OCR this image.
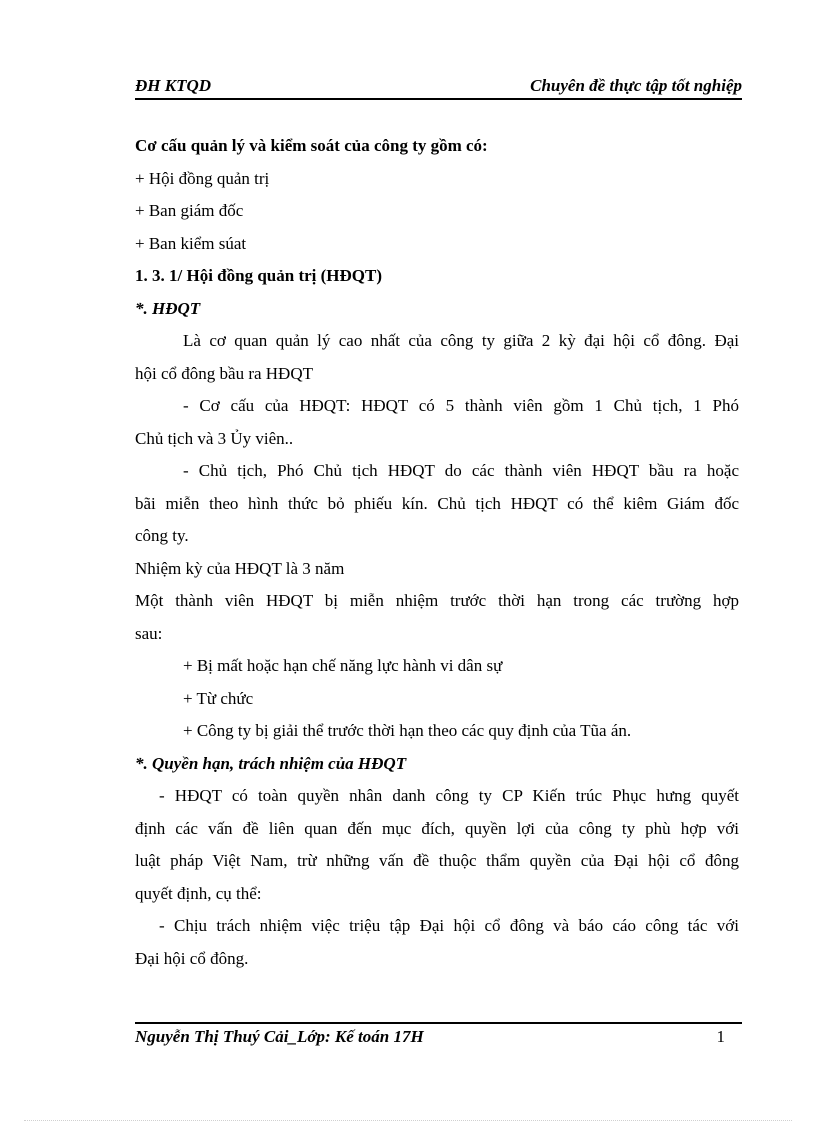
ĐH KTQD	Chuyên đề thực tập tốt nghiệp
Cơ cấu quản lý và kiểm soát của công ty gồm có:
+ Hội đồng quản trị
+ Ban giám đốc
+ Ban kiểm súat
1. 3. 1/ Hội đồng quản trị (HĐQT)
*. HĐQT
Là cơ quan quản lý cao nhất của công ty giữa 2 kỳ đại hội cổ đông. Đại
hội cổ đông bầu ra HĐQT
- Cơ cấu của HĐQT: HĐQT có 5 thành viên gồm 1 Chủ tịch, 1 Phó
Chủ tịch và 3 Ủy viên..
- Chủ tịch, Phó Chủ tịch HĐQT do các thành viên HĐQT bầu ra hoặc
bãi miễn theo hình thức bỏ phiếu kín. Chủ tịch HĐQT có thể kiêm Giám đốc
công ty.
Nhiệm kỳ của HĐQT là 3 năm
Một thành viên HĐQT bị miễn nhiệm trước thời hạn trong các trường hợp
sau:
+ Bị mất hoặc hạn chế năng lực hành vi dân sự
+ Từ chức
+ Công ty bị giải thể trước thời hạn theo các quy định của Tũa án.
*. Quyền hạn, trách nhiệm của HĐQT
- HĐQT có toàn quyền nhân danh công ty CP Kiến trúc Phục hưng quyết
định các vấn đề liên quan đến mục đích, quyền lợi của công ty phù hợp với
luật pháp Việt Nam, trừ những vấn đề thuộc thẩm quyền của Đại hội cổ đông
quyết định, cụ thể:
- Chịu trách nhiệm việc triệu tập Đại hội cổ đông và báo cáo công tác với
Đại hội cổ đông.
Nguyễn Thị Thuý Cải_Lớp: Kế toán 17H	1
